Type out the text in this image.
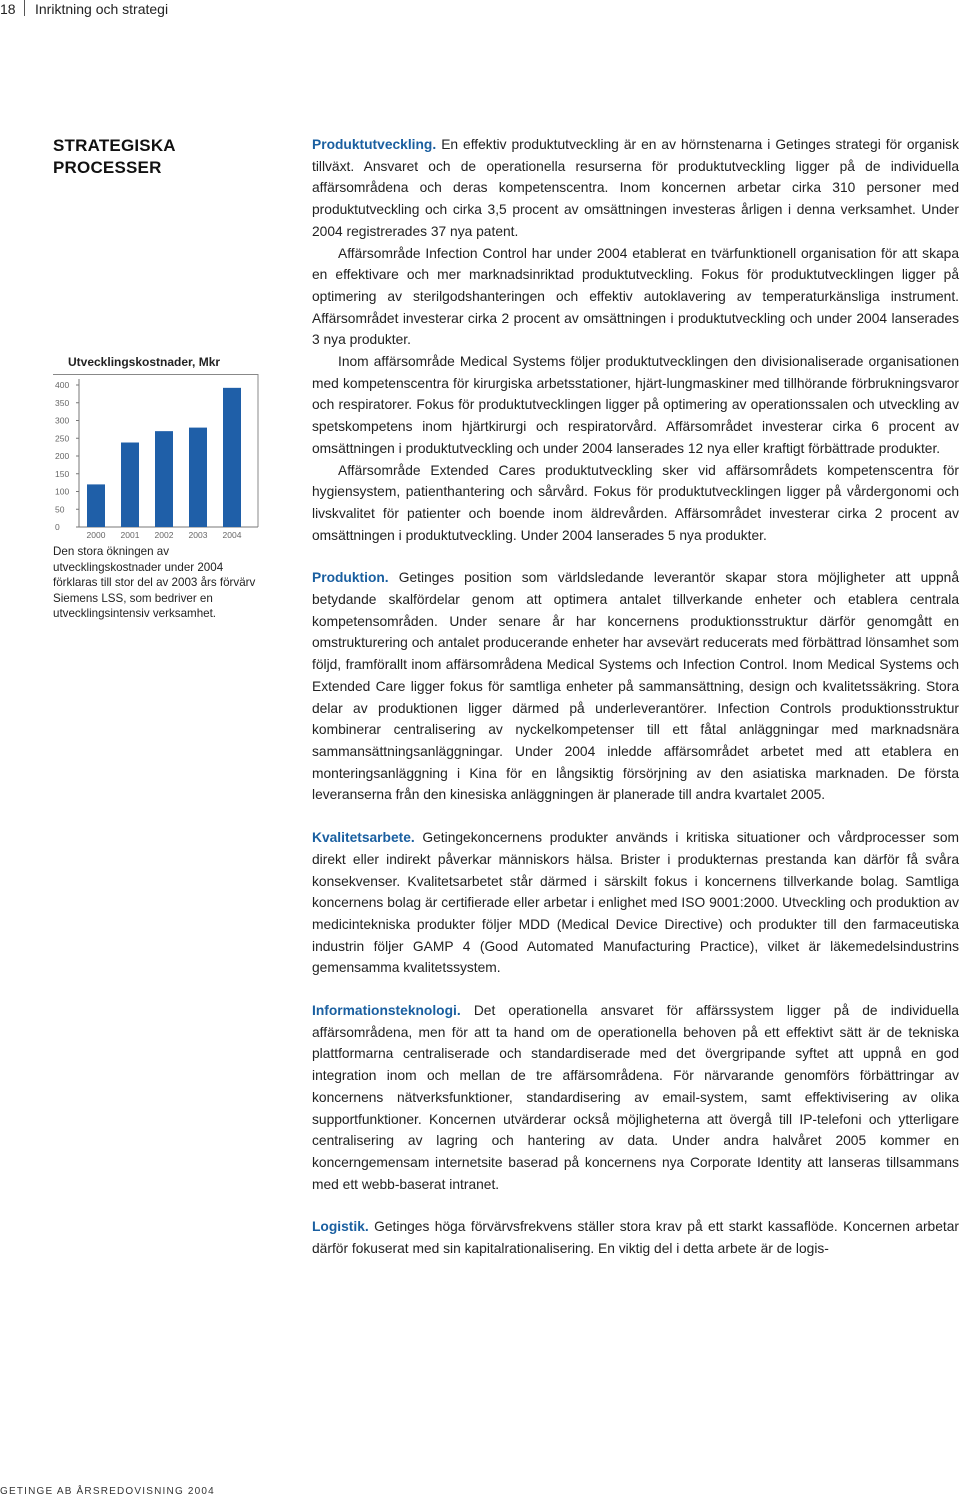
18 Inriktning och strategi
STRATEGISKA
PROCESSER
Utvecklingskostnader, Mkr
0
50
100
150
200
250
300
350
400
2000 2001 2002 2003 2004
Den stora ökningen av utvecklingskostnader under 2004 förklaras till stor del av 2003 års förvärv Siemens LSS, som bedriver en utvecklingsintensiv verksamhet.

Produktutveckling. En effektiv produktutveckling är en av hörnstenarna i Getinges strategi för organisk tillväxt. Ansvaret och de operationella resurserna för produktutveckling ligger på de individuella affärsområdena och deras kompetenscentra. Inom koncernen arbetar cirka 310 personer med produktutveckling och cirka 3,5 procent av omsättningen investeras årligen i denna verksamhet. Under 2004 registrerades 37 nya patent.

Affärsområde Infection Control har under 2004 etablerat en tvärfunktionell organisation för att skapa en effektivare och mer marknadsinriktad produktutveckling. Fokus för produktutvecklingen ligger på optimering av sterilgodshanteringen och effektiv autoklavering av temperaturkänsliga instrument. Affärsområdet investerar cirka 2 procent av omsättningen i produktutveckling och under 2004 lanserades 3 nya produkter.

Inom affärsområde Medical Systems följer produktutvecklingen den divisionaliserade organisationen med kompetenscentra för kirurgiska arbetsstationer, hjärt-lungmaskiner med tillhörande förbrukningsvaror och respiratorer. Fokus för produktutvecklingen ligger på optimering av operationssalen och utveckling av spetskompetens inom hjärtkirurgi och respiratorvård. Affärsområdet investerar cirka 6 procent av omsättningen i produktutveckling och under 2004 lanserades 12 nya eller kraftigt förbättrade produkter.

Affärsområde Extended Cares produktutveckling sker vid affärsområdets kompetenscentra för hygiensystem, patienthantering och sårvård. Fokus för produktutvecklingen ligger på vårdergonomi och livskvalitet för patienter och boende inom äldrevården. Affärsområdet investerar cirka 2 procent av omsättningen i produktutveckling. Under 2004 lanserades 5 nya produkter.

Produktion. Getinges position som världsledande leverantör skapar stora möjligheter att uppnå betydande skalfördelar genom att optimera antalet tillverkande enheter och etablera centrala kompetensområden. Under senare år har koncernens produktionsstruktur därför genomgått en omstrukturering och antalet producerande enheter har avsevärt reducerats med förbättrad lönsamhet som följd, framförallt inom affärsområdena Medical Systems och Infection Control. Inom Medical Systems och Extended Care ligger fokus för samtliga enheter på sammansättning, design och kvalitetssäkring. Stora delar av produktionen ligger därmed på underleverantörer. Infection Controls produktionsstruktur kombinerar centralisering av nyckelkompetenser till ett fåtal anläggningar med marknadsnära sammansättningsanläggningar. Under 2004 inledde affärsområdet arbetet med att etablera en monteringsanläggning i Kina för en långsiktig försörjning av den asiatiska marknaden. De första leveranserna från den kinesiska anläggningen är planerade till andra kvartalet 2005.

Kvalitetsarbete. Getingekoncernens produkter används i kritiska situationer och vårdprocesser som direkt eller indirekt påverkar människors hälsa. Brister i produkternas prestanda kan därför få svåra konsekvenser. Kvalitetsarbetet står därmed i särskilt fokus i koncernens tillverkande bolag. Samtliga koncernens bolag är certifierade eller arbetar i enlighet med ISO 9001:2000. Utveckling och produktion av medicintekniska produkter följer MDD (Medical Device Directive) och produkter till den farmaceutiska industrin följer GAMP 4 (Good Automated Manufacturing Practice), vilket är läkemedelsindustrins gemensamma kvalitetssystem.

Informationsteknologi. Det operationella ansvaret för affärssystem ligger på de individuella affärsområdena, men för att ta hand om de operationella behoven på ett effektivt sätt är de tekniska plattformarna centraliserade och standardiserade med det övergripande syftet att uppnå en god integration inom och mellan de tre affärsområdena. För närvarande genomförs förbättringar av koncernens nätverksfunktioner, standardisering av email-system, samt effektivisering av olika supportfunktioner. Koncernen utvärderar också möjligheterna att övergå till IP-telefoni och ytterligare centralisering av lagring och hantering av data. Under andra halvåret 2005 kommer en koncerngemensam internetsite baserad på koncernens nya Corporate Identity att lanseras tillsammans med ett webb-baserat intranet.

Logistik. Getinges höga förvärvsfrekvens ställer stora krav på ett starkt kassaflöde. Koncernen arbetar därför fokuserat med sin kapitalrationalisering. En viktig del i detta arbete är de logis-

GETINGE AB ÅRSREDOVISNING 2004
